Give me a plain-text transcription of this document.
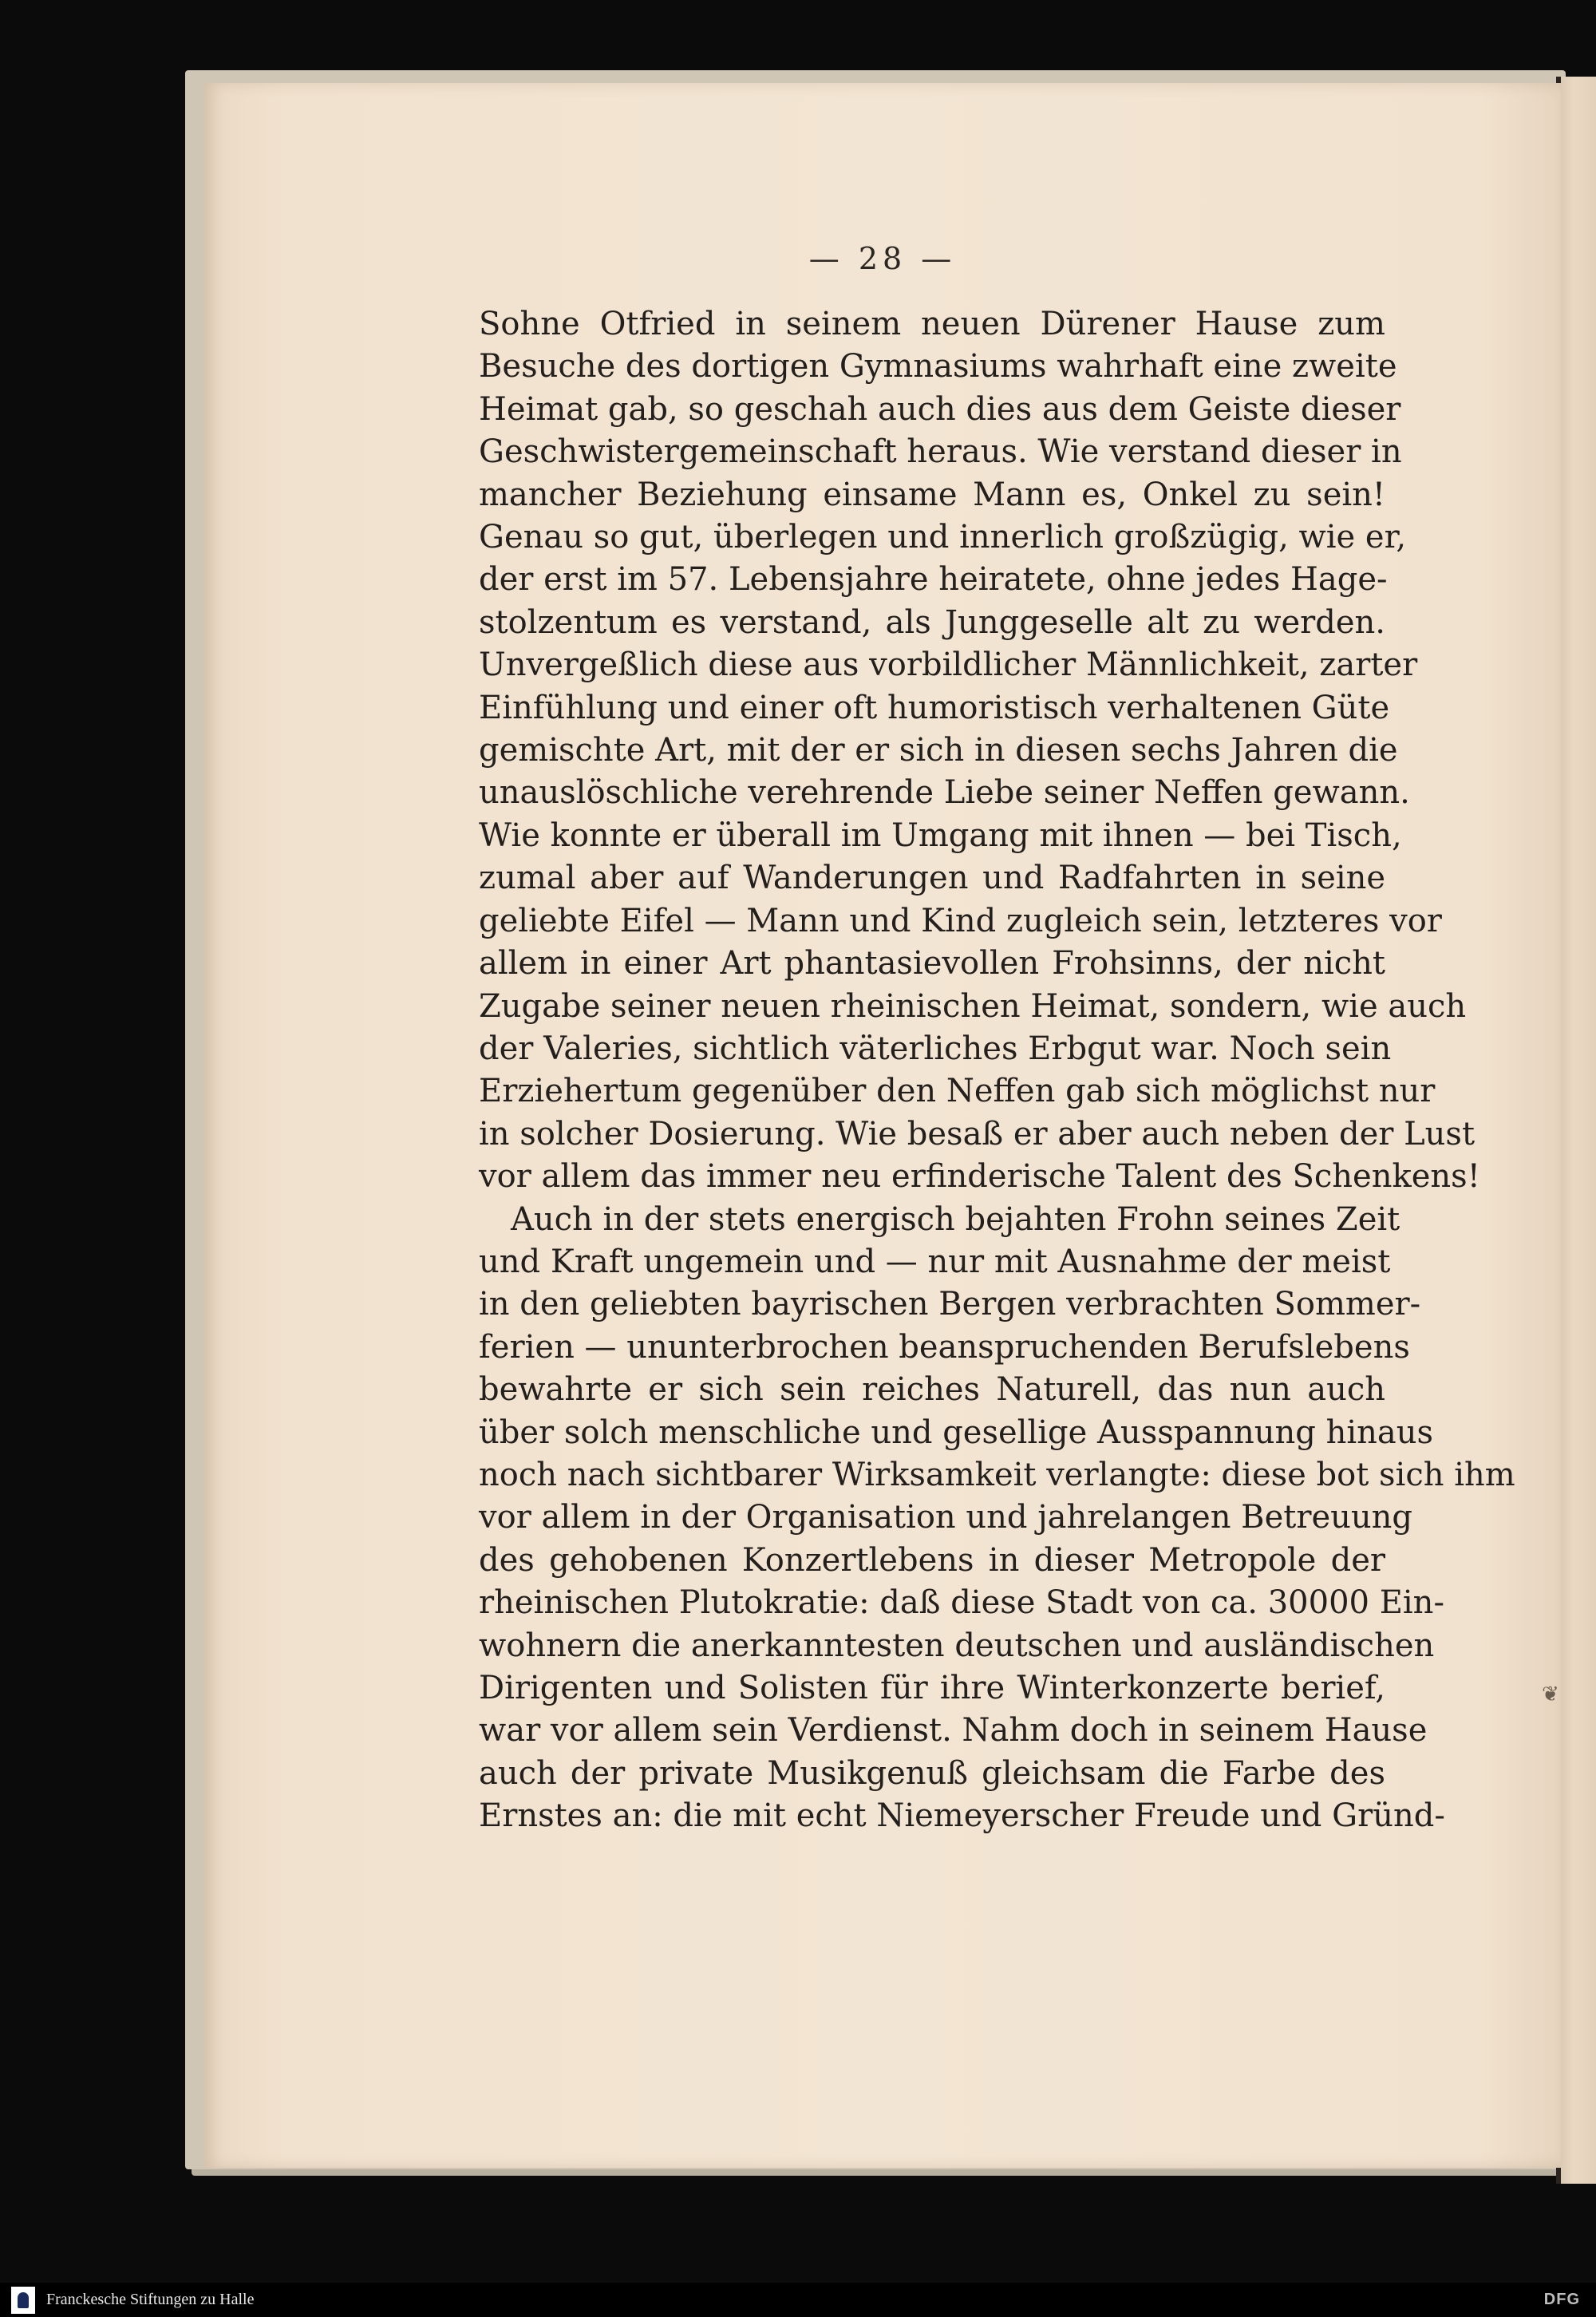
— 28 —
Sohne Otfried in seinem neuen Dürener Hause zum
Besuche des dortigen Gymnasiums wahrhaft eine zweite
Heimat gab, so geschah auch dies aus dem Geiste dieser
Geschwistergemeinschaft heraus. Wie verstand dieser in
mancher Beziehung einsame Mann es, Onkel zu sein!
Genau so gut, überlegen und innerlich großzügig, wie er,
der erst im 57. Lebensjahre heiratete, ohne jedes Hage-
stolzentum es verstand, als Junggeselle alt zu werden.
Unvergeßlich diese aus vorbildlicher Männlichkeit, zarter
Einfühlung und einer oft humoristisch verhaltenen Güte
gemischte Art, mit der er sich in diesen sechs Jahren die
unauslöschliche verehrende Liebe seiner Neffen gewann.
Wie konnte er überall im Umgang mit ihnen — bei Tisch,
zumal aber auf Wanderungen und Radfahrten in seine
geliebte Eifel — Mann und Kind zugleich sein, letzteres vor
allem in einer Art phantasievollen Frohsinns, der nicht
Zugabe seiner neuen rheinischen Heimat, sondern, wie auch
der Valeries, sichtlich väterliches Erbgut war. Noch sein
Erziehertum gegenüber den Neffen gab sich möglichst nur
in solcher Dosierung. Wie besaß er aber auch neben der Lust
vor allem das immer neu erfinderische Talent des Schenkens!
Auch in der stets energisch bejahten Frohn seines Zeit
und Kraft ungemein und — nur mit Ausnahme der meist
in den geliebten bayrischen Bergen verbrachten Sommer-
ferien — ununterbrochen beanspruchenden Berufslebens
bewahrte er sich sein reiches Naturell, das nun auch
über solch menschliche und gesellige Ausspannung hinaus
noch nach sichtbarer Wirksamkeit verlangte: diese bot sich ihm
vor allem in der Organisation und jahrelangen Betreuung
des gehobenen Konzertlebens in dieser Metropole der
rheinischen Plutokratie: daß diese Stadt von ca. 30000 Ein-
wohnern die anerkanntesten deutschen und ausländischen
Dirigenten und Solisten für ihre Winterkonzerte berief,
war vor allem sein Verdienst. Nahm doch in seinem Hause
auch der private Musikgenuß gleichsam die Farbe des
Ernstes an: die mit echt Niemeyerscher Freude und Gründ-
❦
Franckesche Stiftungen zu Halle	DFG
